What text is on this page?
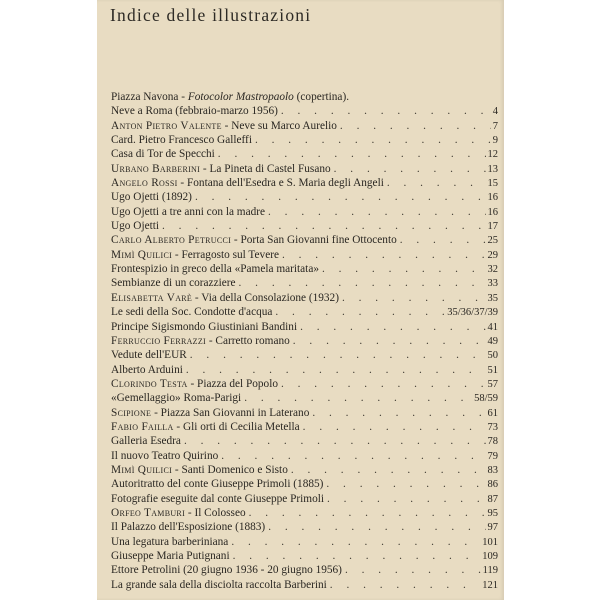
Indice delle illustrazioni
Piazza Navona - Fotocolor Mastropaolo (copertina).
Neve a Roma (febbraio-marzo 1956) . . .	4
Anton Pietro Valente - Neve su Marco Aurelio . . .	7
Card. Pietro Francesco Galleffi . . .	9
Casa di Tor de Specchi . . .	12
Urbano Barberini - La Pineta di Castel Fusano . . .	13
Angelo Rossi - Fontana dell'Esedra e S. Maria degli Angeli . . .	15
Ugo Ojetti (1892) . . .	16
Ugo Ojetti a tre anni con la madre . . .	16
Ugo Ojetti . . .	17
Carlo Alberto Petrucci - Porta San Giovanni fine Ottocento . . .	25
Mimì Quilici - Ferragosto sul Tevere . . .	29
Frontespizio in greco della «Pamela maritata» . . .	32
Sembianze di un corazziere . . .	33
Elisabetta Varè - Via della Consolazione (1932) . . .	35
Le sedi della Soc. Condotte d'acqua . . .	35/36/37/39
Principe Sigismondo Giustiniani Bandini . . .	41
Ferruccio Ferrazzi - Carretto romano . . .	49
Vedute dell'EUR . . .	50
Alberto Arduini . . .	51
Clorindo Testa - Piazza del Popolo . . .	57
«Gemellaggio» Roma-Parigi . . .	58/59
Scipione - Piazza San Giovanni in Laterano . . .	61
Fabio Failla - Gli orti di Cecilia Metella . . .	73
Galleria Esedra . . .	78
Il nuovo Teatro Quirino . . .	79
Mimì Quilici - Santi Domenico e Sisto . . .	83
Autoritratto del conte Giuseppe Primoli (1885) . . .	86
Fotografie eseguite dal conte Giuseppe Primoli . . .	87
Orfeo Tamburi - Il Colosseo . . .	95
Il Palazzo dell'Esposizione (1883) . . .	97
Una legatura barberiniana . . .	101
Giuseppe Maria Putignani . . .	109
Ettore Petrolini (20 giugno 1936 - 20 giugno 1956) . . .	119
La grande sala della disciolta raccolta Barberini . . .	121
